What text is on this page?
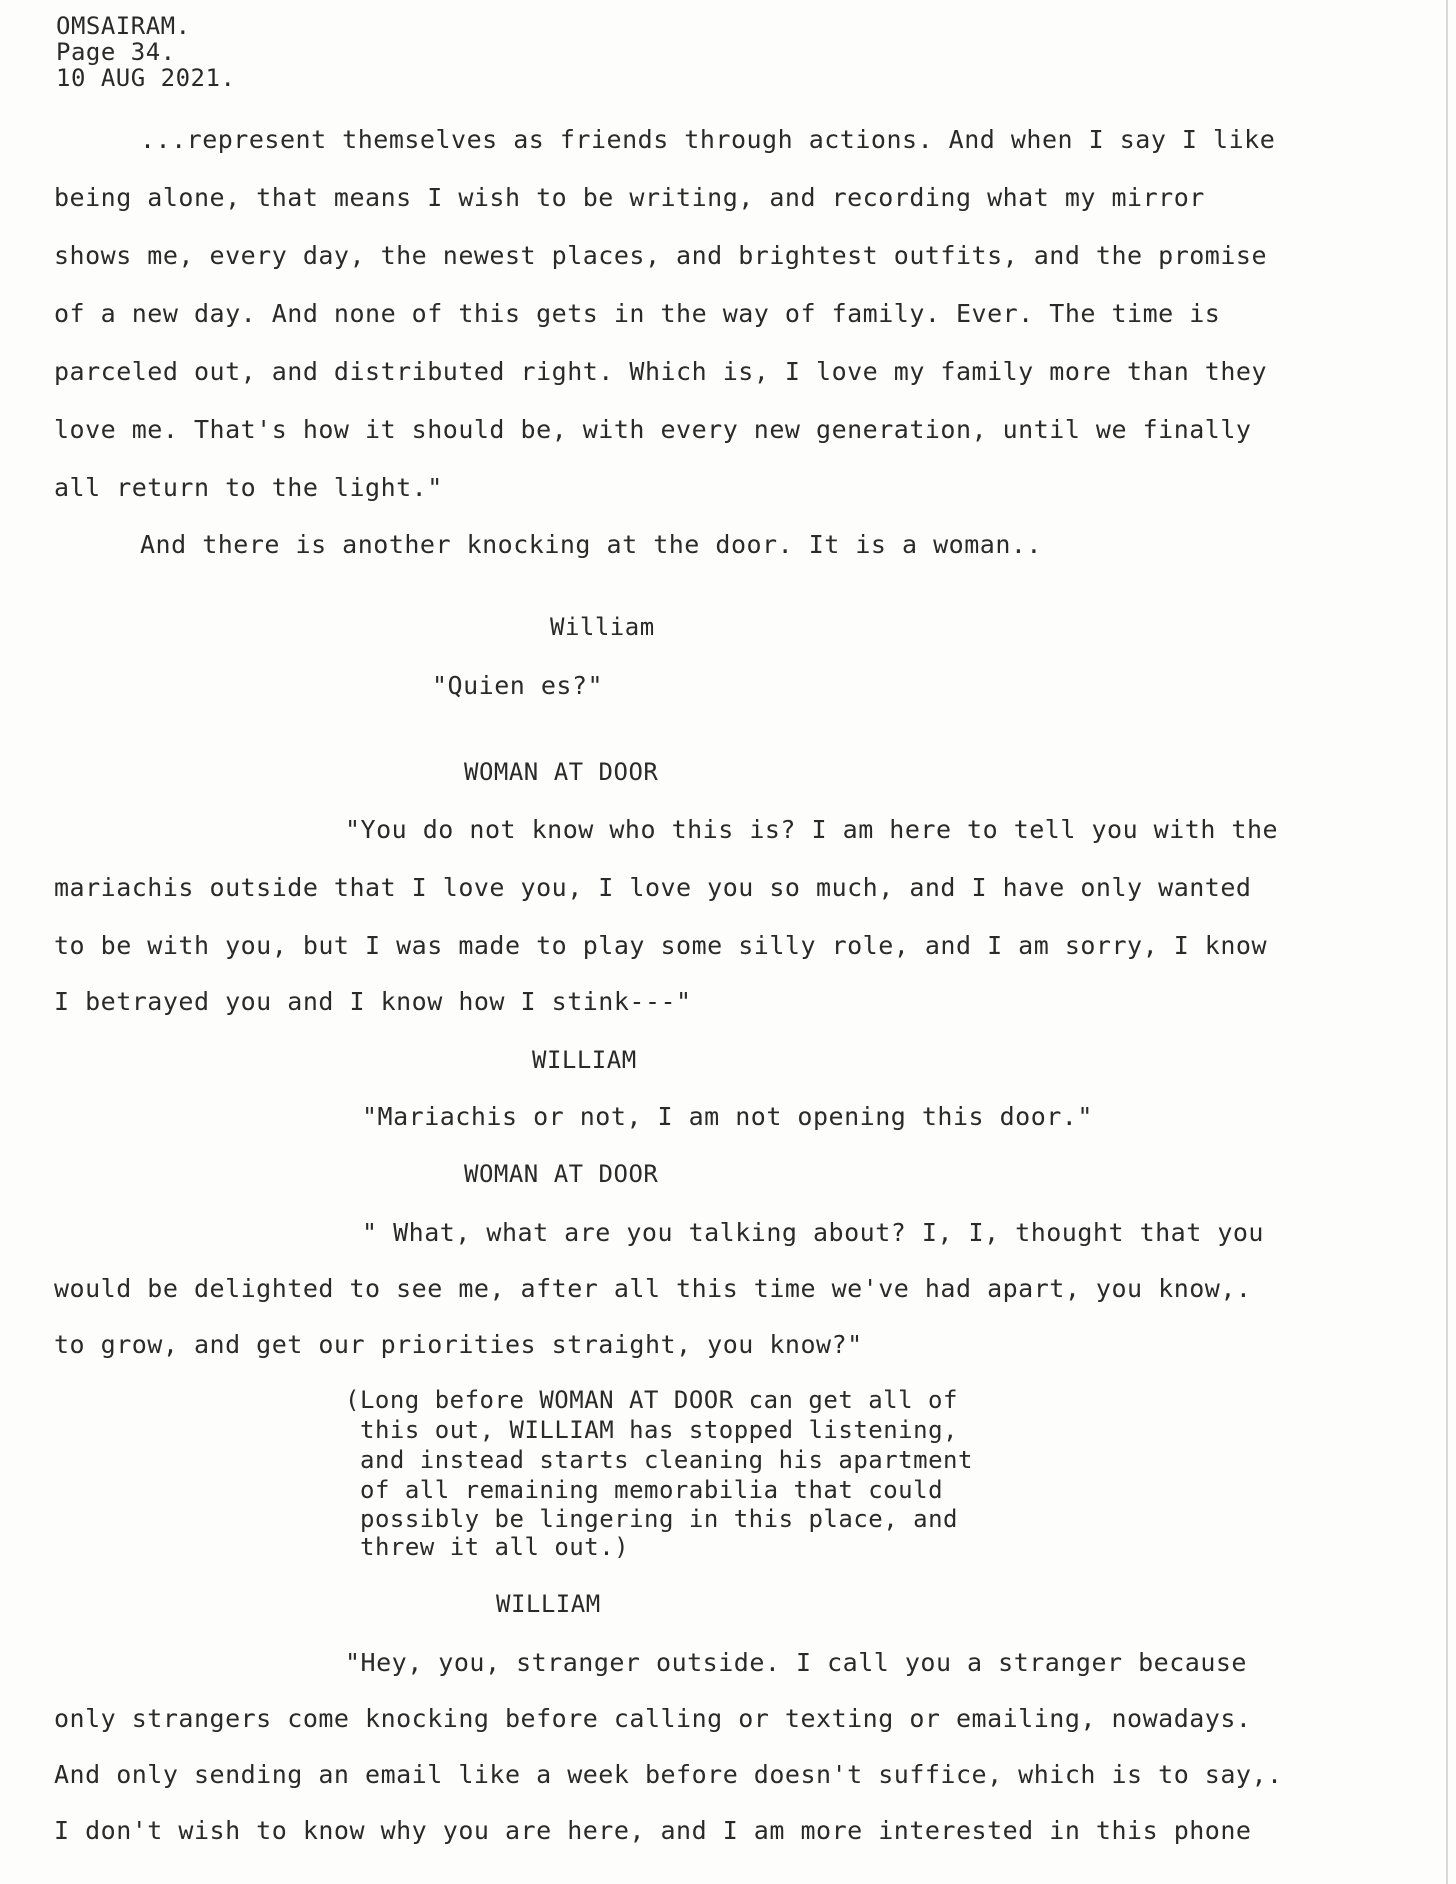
OMSAIRAM.
Page 34.
10 AUG 2021.
...represent themselves as friends through actions. And when I say I like
being alone, that means I wish to be writing, and recording what my mirror
shows me, every day, the newest places, and brightest outfits, and the promise
of a new day. And none of this gets in the way of family. Ever. The time is
parceled out, and distributed right. Which is, I love my family more than they
love me. That's how it should be, with every new generation, until we finally
all return to the light."
And there is another knocking at the door. It is a woman..
William
"Quien es?"
WOMAN AT DOOR
"You do not know who this is? I am here to tell you with the
mariachis outside that I love you, I love you so much, and I have only wanted
to be with you, but I was made to play some silly role, and I am sorry, I know
I betrayed you and I know how I stink---"
WILLIAM
"Mariachis or not, I am not opening this door."
WOMAN AT DOOR
" What, what are you talking about? I, I, thought that you
would be delighted to see me, after all this time we've had apart, you know,.
to grow, and get our priorities straight, you know?"
(Long before WOMAN AT DOOR can get all of
this out, WILLIAM has stopped listening,
and instead starts cleaning his apartment
of all remaining memorabilia that could
possibly be lingering in this place, and
threw it all out.)
WILLIAM
"Hey, you, stranger outside. I call you a stranger because
only strangers come knocking before calling or texting or emailing, nowadays.
And only sending an email like a week before doesn't suffice, which is to say,.
I don't wish to know why you are here, and I am more interested in this phone
